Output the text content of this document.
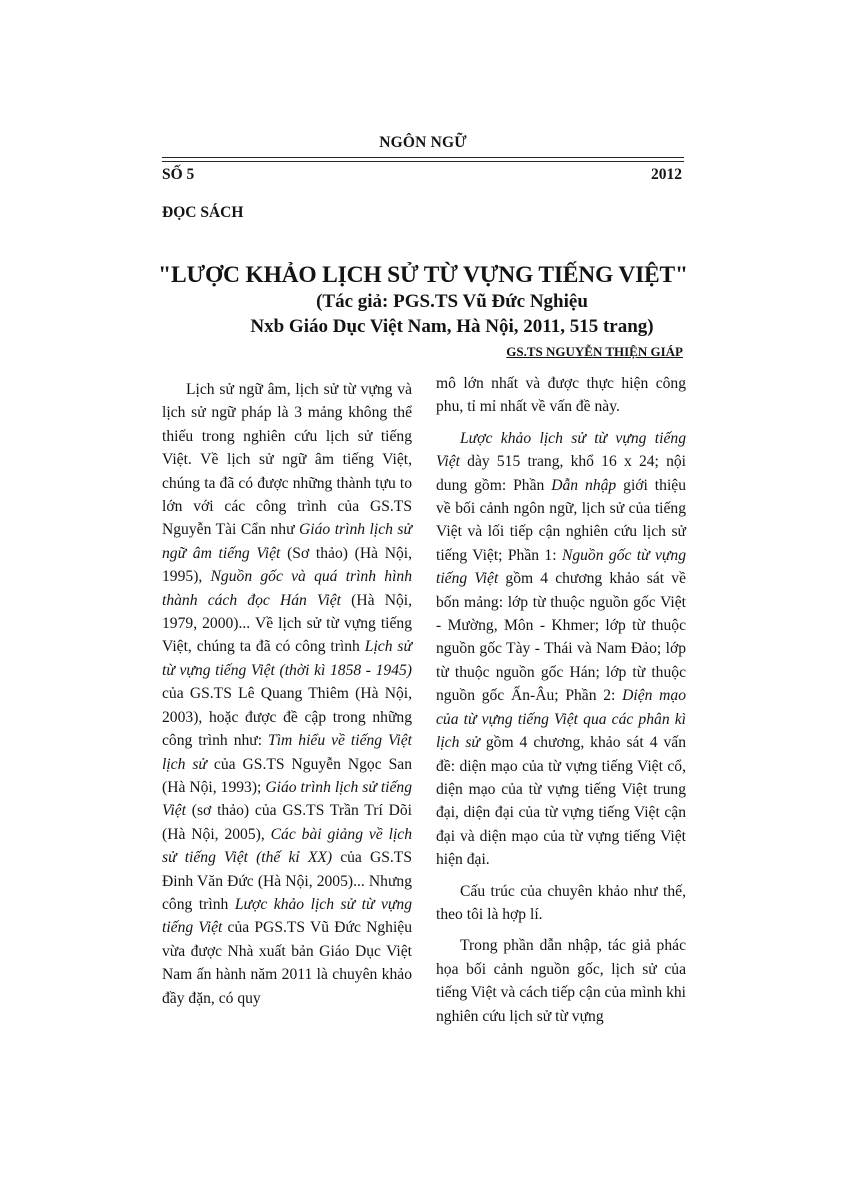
NGÔN NGỮ
SỐ 5	2012
ĐỌC SÁCH
"LƯỢC KHẢO LỊCH SỬ TỪ VỰNG TIẾNG VIỆT"
(Tác giả: PGS.TS Vũ Đức Nghiệu
Nxb Giáo Dục Việt Nam, Hà Nội, 2011, 515 trang)
GS.TS NGUYỄN THIỆN GIÁP

Lịch sử ngữ âm, lịch sử từ vựng và lịch sử ngữ pháp là 3 mảng không thể thiếu trong nghiên cứu lịch sử tiếng Việt. Về lịch sử ngữ âm tiếng Việt, chúng ta đã có được những thành tựu to lớn với các công trình của GS.TS Nguyễn Tài Cẩn như Giáo trình lịch sử ngữ âm tiếng Việt (Sơ thảo) (Hà Nội, 1995), Nguồn gốc và quá trình hình thành cách đọc Hán Việt (Hà Nội, 1979, 2000)... Về lịch sử từ vựng tiếng Việt, chúng ta đã có công trình Lịch sử từ vựng tiếng Việt (thời kì 1858 - 1945) của GS.TS Lê Quang Thiêm (Hà Nội, 2003), hoặc được đề cập trong những công trình như: Tìm hiểu về tiếng Việt lịch sử của GS.TS Nguyễn Ngọc San (Hà Nội, 1993); Giáo trình lịch sử tiếng Việt (sơ thảo) của GS.TS Trần Trí Dõi (Hà Nội, 2005), Các bài giảng về lịch sử tiếng Việt (thế kỉ XX) của GS.TS Đinh Văn Đức (Hà Nội, 2005)... Nhưng công trình Lược khảo lịch sử từ vựng tiếng Việt của PGS.TS Vũ Đức Nghiệu vừa được Nhà xuất bản Giáo Dục Việt Nam ấn hành năm 2011 là chuyên khảo đầy đặn, có quy

mô lớn nhất và được thực hiện công phu, tỉ mỉ nhất về vấn đề này.

Lược khảo lịch sử từ vựng tiếng Việt dày 515 trang, khổ 16 x 24; nội dung gồm: Phần Dẫn nhập giới thiệu về bối cảnh ngôn ngữ, lịch sử của tiếng Việt và lối tiếp cận nghiên cứu lịch sử tiếng Việt; Phần 1: Nguồn gốc từ vựng tiếng Việt gồm 4 chương khảo sát về bốn mảng: lớp từ thuộc nguồn gốc Việt - Mường, Môn - Khmer; lớp từ thuộc nguồn gốc Tày - Thái và Nam Đảo; lớp từ thuộc nguồn gốc Hán; lớp từ thuộc nguồn gốc Ấn-Âu; Phần 2: Diện mạo của từ vựng tiếng Việt qua các phân kì lịch sử gồm 4 chương, khảo sát 4 vấn đề: diện mạo của từ vựng tiếng Việt cổ, diện mạo của từ vựng tiếng Việt trung đại, diện đại của từ vựng tiếng Việt cận đại và diện mạo của từ vựng tiếng Việt hiện đại.

Cấu trúc của chuyên khảo như thế, theo tôi là hợp lí.

Trong phần dẫn nhập, tác giả phác họa bối cảnh nguồn gốc, lịch sử của tiếng Việt và cách tiếp cận của mình khi nghiên cứu lịch sử từ vựng
